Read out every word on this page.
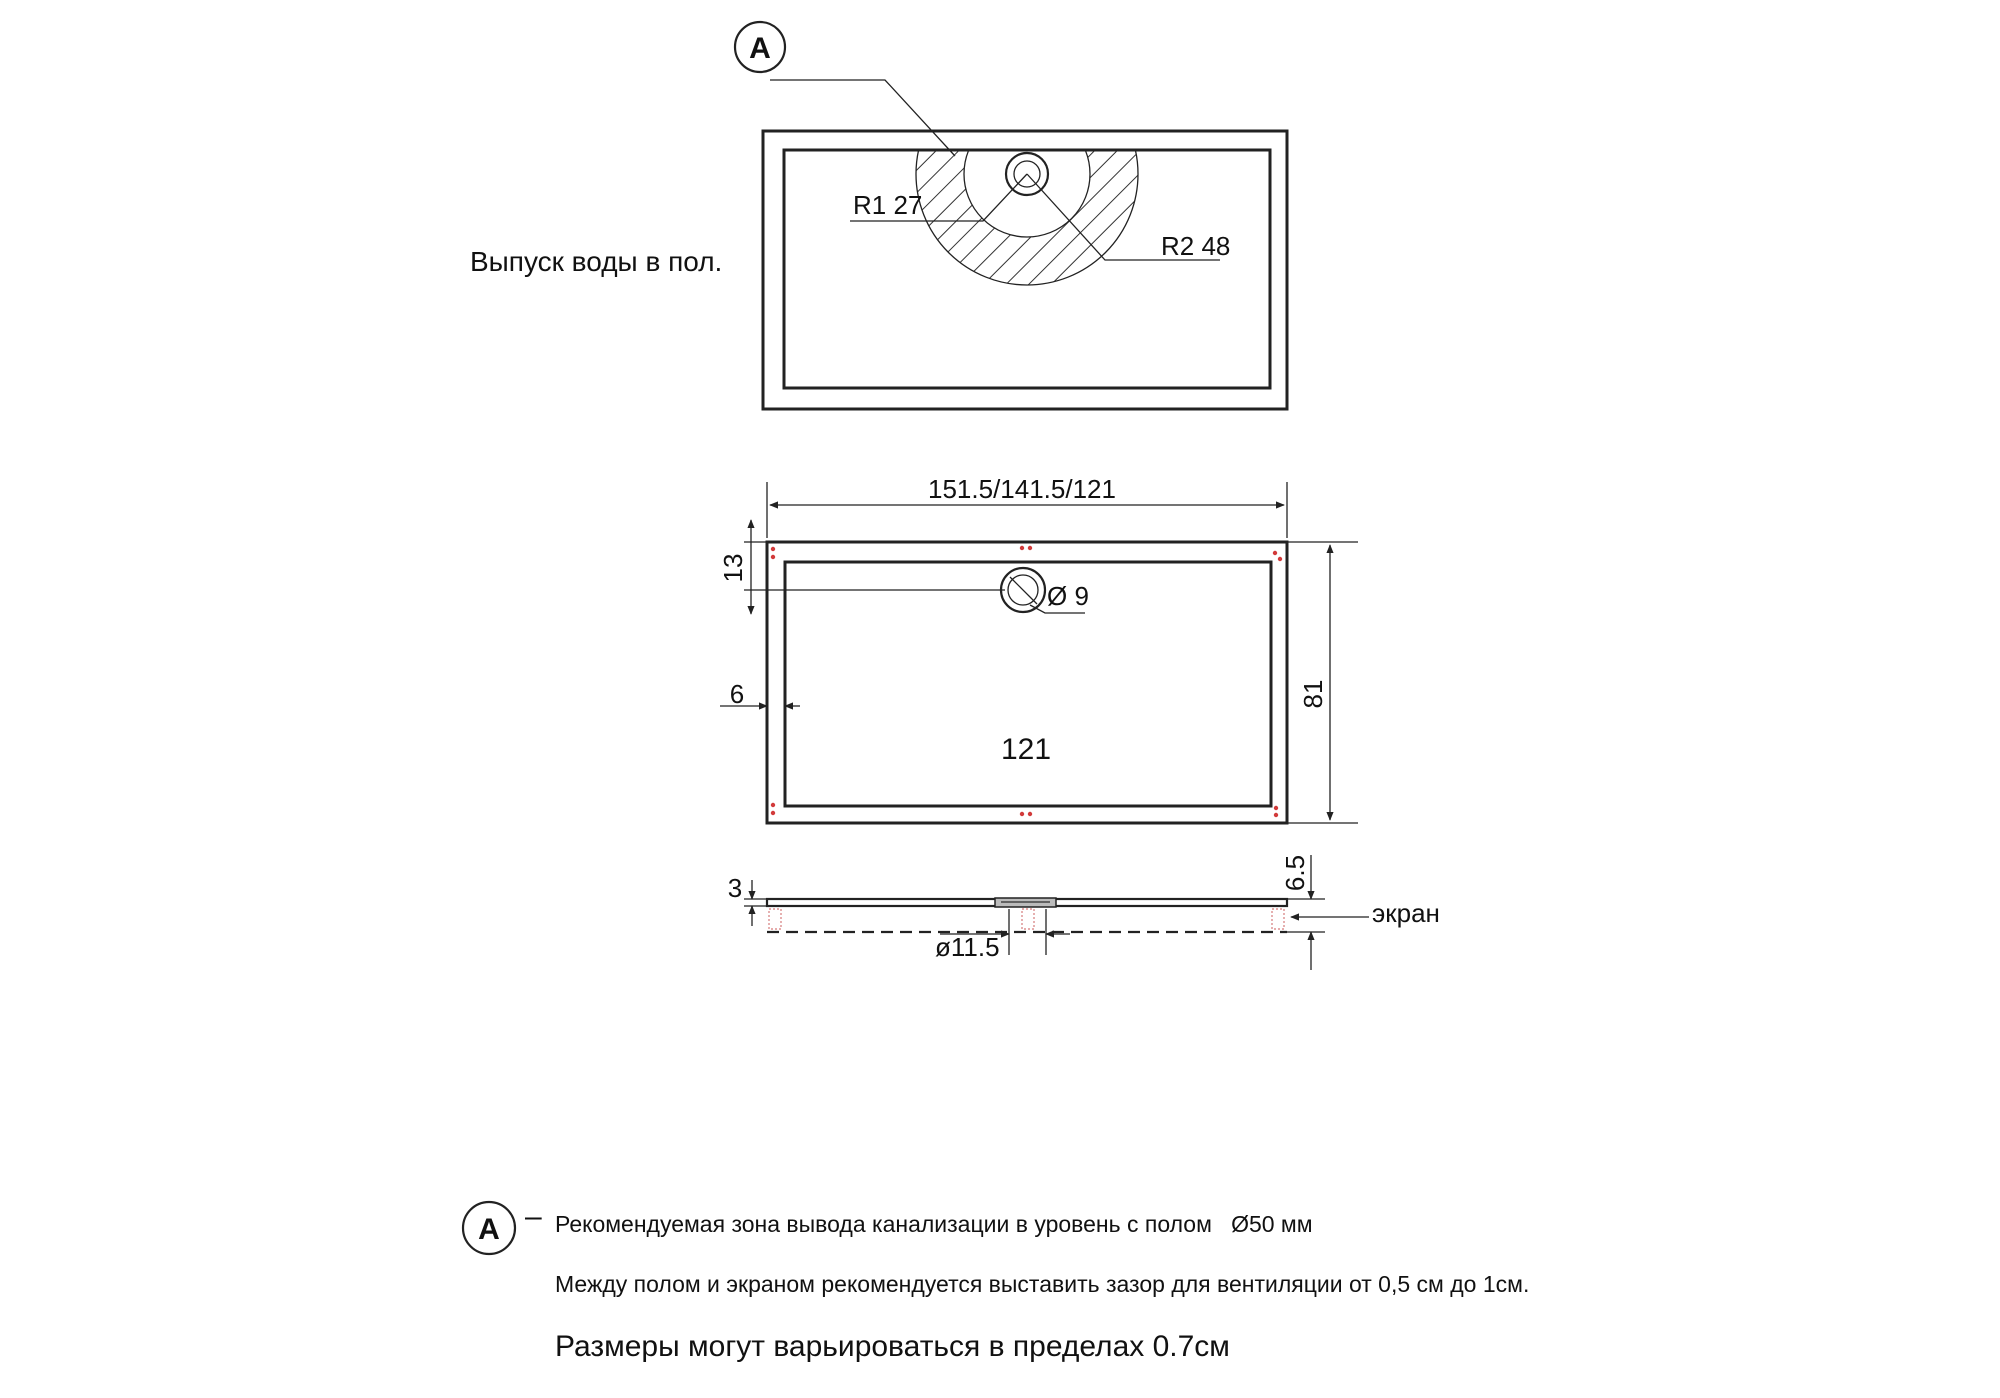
A
R1 27
R2 48
Выпуск воды в пол.
151.5/141.5/121
13
Ø 9
6
121
81
3	6.5
экран
ø11.5
A – Рекомендуемая зона вывода канализации в уровень с полом   Ø50 мм
Между полом и экраном рекомендуется выставить зазор для вентиляции от 0,5 см до 1см.
Размеры могут варьироваться в пределах 0.7см
